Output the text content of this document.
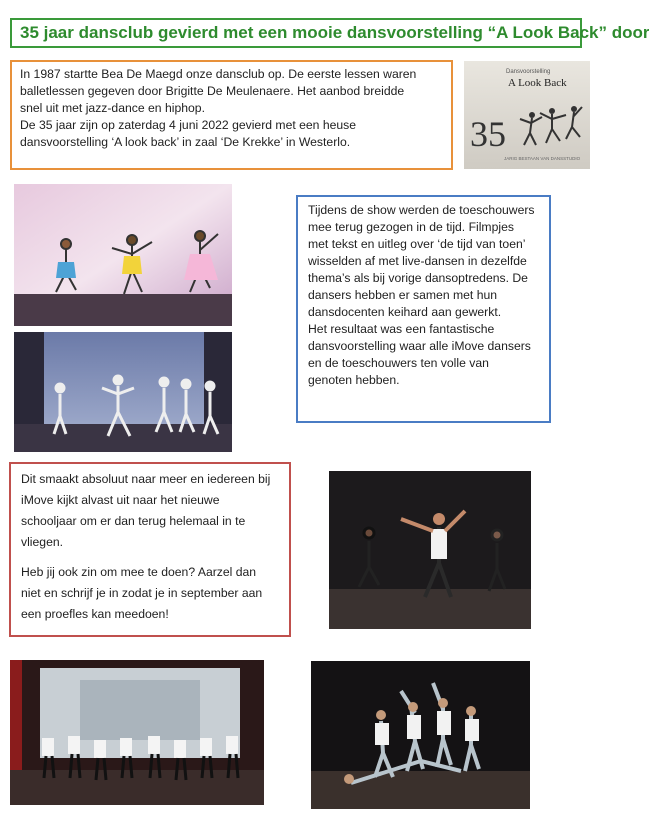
35 jaar dansclub gevierd met een mooie dansvoorstelling “A Look Back” door

In 1987 startte Bea De Maegd onze dansclub op. De eerste lessen waren

balletlessen gegeven door Brigitte De Meulenaere. Het aanbod breidde

snel uit met jazz-dance en hiphop.

De 35 jaar zijn op zaterdag 4 juni 2022 gevierd met een heuse

dansvoorstelling ‘A look back’ in zaal ‘De Krekke’ in Westerlo.

Dansvoorstelling
A Look Back
35
JARIG BESTAAN VAN DANSSTUDIO

Tijdens de show werden de toeschouwers

mee terug gezogen in de tijd. Filmpjes

met tekst en uitleg over ‘de tijd van toen’

wisselden af met live-dansen in dezelfde

thema’s als bij vorige dansoptredens. De

dansers hebben er samen met hun

dansdocenten keihard aan gewerkt.

Het resultaat was een fantastische

dansvoorstelling waar alle iMove dansers

en de toeschouwers ten volle van

genoten hebben.

Dit smaakt absoluut naar meer en iedereen bij

iMove kijkt alvast uit naar het nieuwe

schooljaar om er dan terug helemaal in te

vliegen.

Heb jij ook zin om mee te doen? Aarzel dan

niet en schrijf je in zodat je in september aan

een proefles kan meedoen!
